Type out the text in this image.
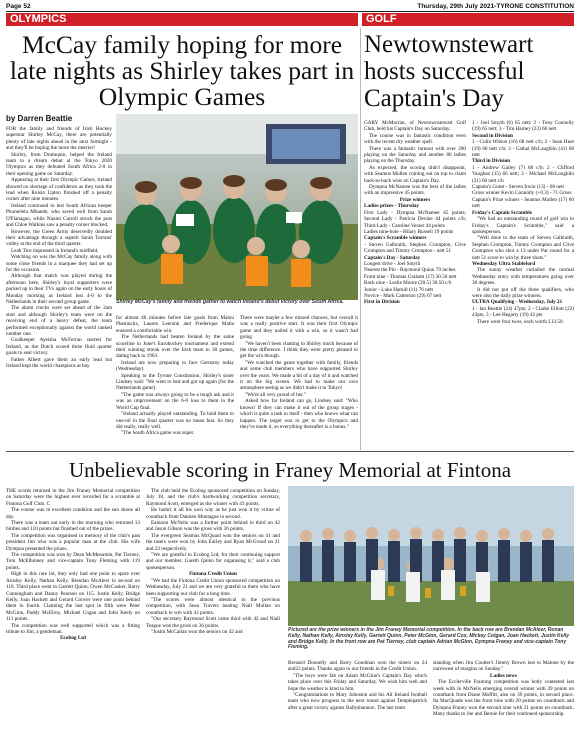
Page 52	Thursday, 29th July 2021-TYRONE CONSTITUTION
OLYMPICS	GOLF
McCay family hoping for more late nights as Shirley takes part in Olympic Games
by Darren Beattie

FOR the family and friends of Irish Hockey superstar Shirley McCay, there are potentially plenty of late nights ahead in the next fortnight - and they'll be hoping the more the merrier!

Shirley, from Drumquin, helped the Ireland team to a dream debut at the Tokyo 2020 Olympics as they defeated South Africa 2-0 in their opening game on Saturday.

Appearing at their first Olympic Games, Ireland showed no shortage of confidence as they took the lead when Roisin Upton finished off a penalty corner after nine minutes.

Ireland continued to test South African keeper Phumelela Mbande, who saved well from Sarah O'Flanagan, while Naomi Carroll struck the post and Chloe Watkins saw a penalty corner blocked.

However, the Green Army deservedly doubled their advantage through a superb Sarah Torrans' volley at the end of the third quarter.

Leah Tice impressed in Ireland's midfield.

Watching on was the McCay family along with some close friends in a marquee they had set up for the occasion.

Although that match was played during the afternoon here, Shirley's loyal supporters were packed up in their TVs again on the early hours of Monday morning as Ireland lost 4-0 to the Netherlands in their second group game.

The alarm clocks were set ahead of the 2am start and although Shirley's team were on the receiving end of a heavy defeat, the team performed exceptionally against the world ranked number one.

Goalkeeper Ayeisha McFerran starred for Ireland, as the Dutch scored three fluid quarter goals to seal victory.

Father Albert gave them an early lead but Ireland kept the world champions at bay

Shirley McCay's family and friends gather to watch Ireland's debut victory over South Africa.

for almost 40 minutes before late goals from Malou Pheninckx, Lauren Leenink and Frederique Matla ensured a comfortable win.

The Netherlands had beaten Ireland by the same scoreline in June's Eurohockey tournament and extend their winning streak over the Irish team to 30 games, dating back to 1963.

Ireland are now preparing to face Germany today (Wednesday).

Speaking to the Tyrone Constitution, Shirley's sister Lindsey said: "We went to bed and got up again [for the Netherlands game].

"The game was always going to be a tough ask and it was an improvement on the 6-0 loss to them in the World Cup final.

"Ireland actually played outstanding. To hold them to one-nil in the final quarter was no mean feat. So they did really, really well.

"The South Africa game was super.

There were maybe a few missed chances, but overall it was a really positive start. It was their first Olympic game and they nailed it with a win, so it wasn't bad going.

"We haven't been chatting to Shirley much because of the time difference. I think they were pretty pleased to get the win though.

"We watched the game together with family, friends and some club members who have supported Shirley over the years. We made a bit of a day of it and watched it on the big screen. We had to make our own atmosphere seeing as we didn't make it to Tokyo!

"We're all very proud of her."

Asked how far Ireland can go, Lindsey said: "Who knows! If they can make it out of the group stages - which is quite a task in itself - then who knows what can happen. The target was to get to the Olympics and they've made it, so everything thereafter is a bonus."

Newtownstewart hosts successful Captain's Day

GARY McMorran, of Newtownstewart Golf Club, held his Captain's Day on Saturday.

The course was in fantastic condition even with the recent dry weather spell.

There was a fantastic turnout with over 200 playing on the Saturday and another 80 ladies playing on the Thursday.

As expected, the scoring didn't disappoint, with Seamus Mullen coming out on top to claim back-to-back wins on Captain's Day.

Dympna McNamee was the best of the ladies with an impressive 45 points.

Prize winners

Ladies prizes - Thursday

First Lady - Dympna McNamee 45 points; Second Lady - Patricia Devine 44 points c/b; Third Lady - Caroline Veraer 44 points

Ladies nine-hole - Hilary Russell 19 points

Captain's Scramble winners

- Steven Galbraith, Stephen Crompton, Clive Crompton and Timmy Crompton - nett 51

Captain's Day - Saturday

Longest drive - Joel Smyth

Nearest the Pin - Raymond Quinn 79 inches

Front nine - Thomas Graham (17) 30.50 nett

Back nine - Leslie Moore (20.5) 30.50 c/b

Junior - Luke Hamill (11) 76 nett

Novice - Mark Catterson (29) 67 nett

First in Division

1 - Joel Smyth (6) 65 nett; 2 - Tony Connolly (19) 65 nett; 3 - Tim Harney (23) 66 nett

Second in Division

1 - Colin Wilson (16) 68 nett c/b; 2 - Sean Huet (19) 66 nett c/b; 3 - Cathal McLaughlin (41) 68 nett

Third in Division

1 - Andrew Gailey (7) 68 c/b; 2 - Clifford Vaughan (15) 66 nett; 3 - Michael McLoughlin (31) 66 nett c/b

Captain's Guest - Steven Irwin (13) - 68 nett

Gross winner Kevin Connolly (+0.3) - 71 Gross

Captain's Prize winner - Seamus Mullen (17) 60 nett

Friday's Captain Scramble

"We had an outstanding round of golf win in Friday's Captain's Scramble," said a spokesperson.

"Well done to the team of Steven Galbraith, Stephen Crompton, Timmy Crompton and Clive Crompton who shot a 13 under Par round for a nett 51 score to win by three shots."

Wednesday Ultra Stableford

The sunny weather curtailed the normal Wednesday entry with temperatures going over 30 degrees.

It did not put off the three qualifiers, who were also the daily prize winners.

ULTRA Qualifying - Wednesday, July 21

1 - Ian Beattie (24) 47pts; 2 - Clarke Elliott (22) 43pts; 3 - Lee Hegarty (19) 42 pts

There were four twos, each worth £13.50.

Unbelievable scoring in Franey Memorial at Fintona

THE scores returned in the Jim Franey Memorial competition on Saturday were the highest ever recorded for a scramble at Fintona Golf Club. C

The course was in excellent condition and the sun shone all day.

There was a team out early in the morning who returned 13 birdies and 110 points but finished out of the prizes.

The competition was organised in memory of the club's past president Jim who was a popular man at the club. His wife Dympna presented the prizes.

The competition was won by Dean McMenamin, Pat Tierney, Tom McElhinney and vice-captain Tony Fleming with 119 points.

High in this rare lot, they only had one point to spare over Ainsley Kelly, Nathan Kelly, Brendan McAleer in second on 118. Third place went to Garrett Quinn, Owen McCusker, Barry Cunningham and Danny Pearson on 115. Justin Kelly, Bridge Kelly, Joan Hackett and Gerard Coover were one point behind them in fourth. Claiming the last spot in fifth were Peter McGinn, Paddy McElroy, Michael Cogan and John Keely on 111 points.

The competition was well supported which was a fitting tribute to Jim, a gentleman.

Ecobog Ltd

The club held the Ecobog sponsored competition on Sunday, July 18, and the club's hardworking competition secretary, Raymond Scott, emerged as the winner with 43 points.

He hadn't it all his own way as he just won it by virtue of countback from Damien Montague in second.

Eamonn McNelis was a further point behind in third on 42 and Jason Gibson was the gross with 36 points.

The evergreen Seamus McQuaid won the seniors on 41 and the tasers were won by John Earley and Ryan McGrood on 21 and 23 respectively.

"We are grateful to Ecobog Ltd, for their continuing support and our member, Gareth Quinn for organising it," said a club spokesperson.

Fintona Credit Union

"We had the Fintona Credit Union sponsored competition on Wednesday, July 21 and we are very grateful to them who have been supporting our club for a long time.

"The scores were almost identical to the previous competition, with Sean Travers beating Niall Mullan on countback to win with 43 points.

"Our secretary Raymond Scott came third with 42 and Niall Teague won the gross on 36 points.

"Justin McCallan won the seniors on 42 and	Pictured are the prize winners in the Jim Franey Memorial competition. In the back row are Brendan McAleer, Ronan Kelly, Nathan Kelly, Ainsley Kelly, Garrett Quinn, Peter McGinn, Gerard Cox, Mickey Colgan, Joan Hackett, Justin Kelly and Bridge Kelly. In the front row are Pat Tierney, club captain Adrian McGinn, Dympna Franey and vice-captain Tony Fleming.

Bernard Donnelly and Barry Goodman won the niners on 24 and23 points. Thanks again to our friends in the Credit Union.

"The boys were fab on Adam McGinn's Captain's Day which takes place over this Friday and Saturday. We wish him well and hope the weather is kind to him.

"Congratulations to Mary Johnston and his All Ireland football team who now progress to the next round against Templepatrick after a great victory against Ballyshannon. The last team

standing when Jim Coulter's Jimmy Brown lost to Malone by the narrowest of margins on Sunday."

Ladies news

The Ecclerville Framing competition was hotly contested last week with Jo McNelis emerging overall winner with 39 points on countback from Diane Moffitt, also on 39 points, in second place. Ita MacQuade was the front nine with 20 points on countback and Dympna Franey won the second nine with 21 points on countback. Many thanks to Joe and Bernie for their continued sponsorship.
